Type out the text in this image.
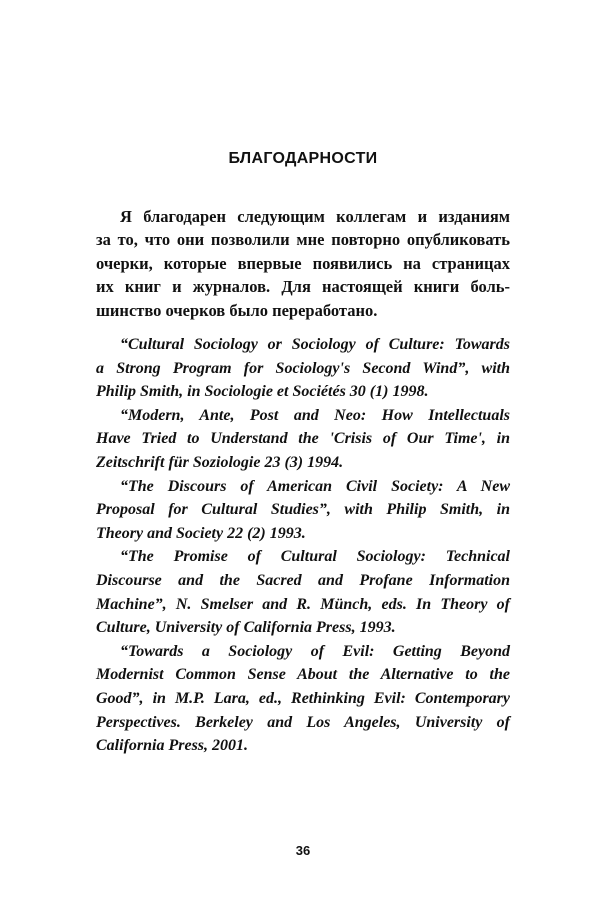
БЛАГОДАРНОСТИ
Я благодарен следующим коллегам и изданиям
за то, что они позволили мне повторно опубликовать
очерки, которые впервые появились на страницах
их книг и журналов. Для настоящей книги боль-
шинство очерков было переработано.
“Cultural Sociology or Sociology of Culture: Towards
a Strong Program for Sociology's Second Wind”, with
Philip Smith, in Sociologie et Sociétés 30 (1) 1998.
“Modern, Ante, Post and Neo: How Intellectuals
Have Tried to Understand the 'Crisis of Our Time', in
Zeitschrift für Soziologie 23 (3) 1994.
“The Discours of American Civil Society: A New
Proposal for Cultural Studies”, with Philip Smith, in
Theory and Society 22 (2) 1993.
“The Promise of Cultural Sociology: Technical
Discourse and the Sacred and Profane Information
Machine”, N. Smelser and R. Münch, eds. In Theory of
Culture, University of California Press, 1993.
“Towards a Sociology of Evil: Getting Beyond
Modernist Common Sense About the Alternative to the
Good”, in M.P. Lara, ed., Rethinking Evil: Contemporary
Perspectives. Berkeley and Los Angeles, University of
California Press, 2001.
36
